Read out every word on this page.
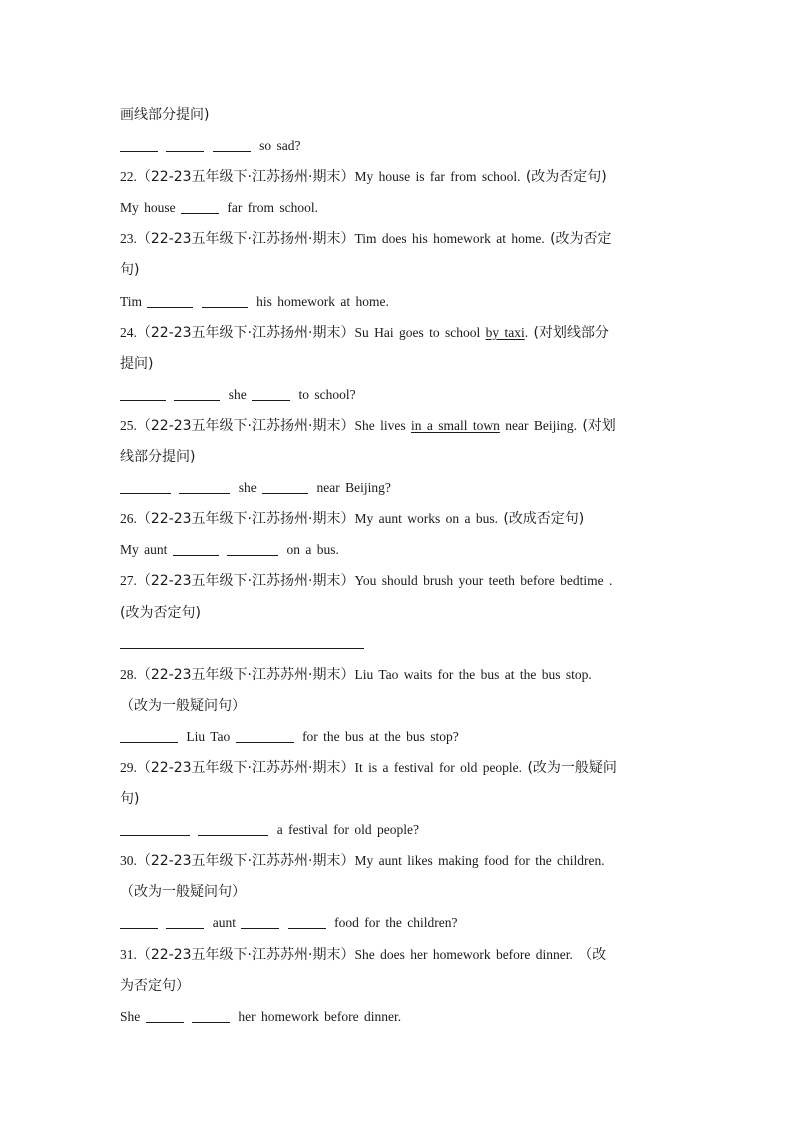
画线部分提问)
so sad?
22.（22-23五年级下·江苏扬州·期末）My house is far from school. (改为否定句)
My house	far from school.
23.（22-23五年级下·江苏扬州·期末）Tim does his homework at home. (改为否定
句)
Tim	his homework at home.
24.（22-23五年级下·江苏扬州·期末）Su Hai goes to school by taxi. (对划线部分
提问)
she	to school?
25.（22-23五年级下·江苏扬州·期末）She lives in a small town near Beijing. (对划
线部分提问)
she	near Beijing?
26.（22-23五年级下·江苏扬州·期末）My aunt works on a bus. (改成否定句)
My aunt	on a bus.
27.（22-23五年级下·江苏扬州·期末）You should brush your teeth before bedtime .
(改为否定句)
28.（22-23五年级下·江苏苏州·期末）Liu Tao waits for the bus at the bus stop.
（改为一般疑问句）
Liu Tao	for the bus at the bus stop?
29.（22-23五年级下·江苏苏州·期末）It is a festival for old people. (改为一般疑问
句)
a festival for old people?
30.（22-23五年级下·江苏苏州·期末）My aunt likes making food for the children.
（改为一般疑问句）
aunt	food for the children?
31.（22-23五年级下·江苏苏州·期末）She does her homework before dinner. （改
为否定句）
She	her homework before dinner.
